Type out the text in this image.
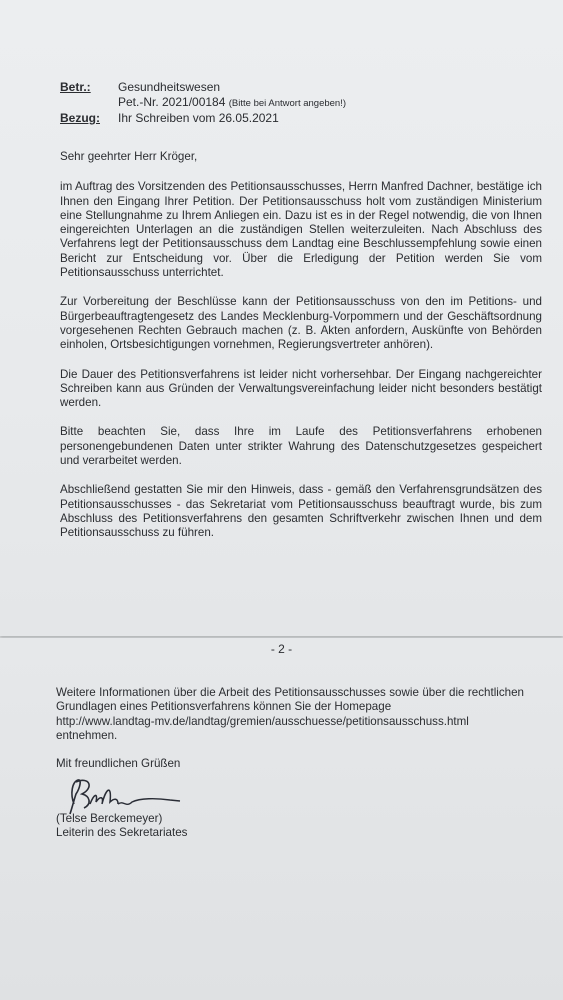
Betr.:	Gesundheitswesen
Pet.-Nr. 2021/00184 (Bitte bei Antwort angeben!)
Bezug:	Ihr Schreiben vom 26.05.2021

Sehr geehrter Herr Kröger,

im Auftrag des Vorsitzenden des Petitionsausschusses, Herrn Manfred Dachner, bestätige ich Ihnen den Eingang Ihrer Petition. Der Petitionsausschuss holt vom zuständigen Ministerium eine Stellungnahme zu Ihrem Anliegen ein. Dazu ist es in der Regel notwendig, die von Ihnen eingereichten Unterlagen an die zuständigen Stellen weiterzuleiten. Nach Abschluss des Verfahrens legt der Petitionsausschuss dem Landtag eine Beschlussempfehlung sowie einen Bericht zur Entscheidung vor. Über die Erledigung der Petition werden Sie vom Petitionsausschuss unterrichtet.

Zur Vorbereitung der Beschlüsse kann der Petitionsausschuss von den im Petitions- und Bürgerbeauftragtengesetz des Landes Mecklenburg-Vorpommern und der Geschäftsordnung vorgesehenen Rechten Gebrauch machen (z. B. Akten anfordern, Auskünfte von Behörden einholen, Ortsbesichtigungen vornehmen, Regierungsvertreter anhören).

Die Dauer des Petitionsverfahrens ist leider nicht vorhersehbar. Der Eingang nachgereichter Schreiben kann aus Gründen der Verwaltungsvereinfachung leider nicht besonders bestätigt werden.

Bitte beachten Sie, dass Ihre im Laufe des Petitionsverfahrens erhobenen personengebundenen Daten unter strikter Wahrung des Datenschutzgesetzes gespeichert und verarbeitet werden.

Abschließend gestatten Sie mir den Hinweis, dass - gemäß den Verfahrensgrundsätzen des Petitionsausschusses - das Sekretariat vom Petitionsausschuss beauftragt wurde, bis zum Abschluss des Petitionsverfahrens den gesamten Schriftverkehr zwischen Ihnen und dem Petitionsausschuss zu führen.

- 2 -

Weitere Informationen über die Arbeit des Petitionsausschusses sowie über die rechtlichen Grundlagen eines Petitionsverfahrens können Sie der Homepage

http://www.landtag-mv.de/landtag/gremien/ausschuesse/petitionsausschuss.html

entnehmen.

Mit freundlichen Grüßen
(Telse Berckemeyer)
Leiterin des Sekretariates
